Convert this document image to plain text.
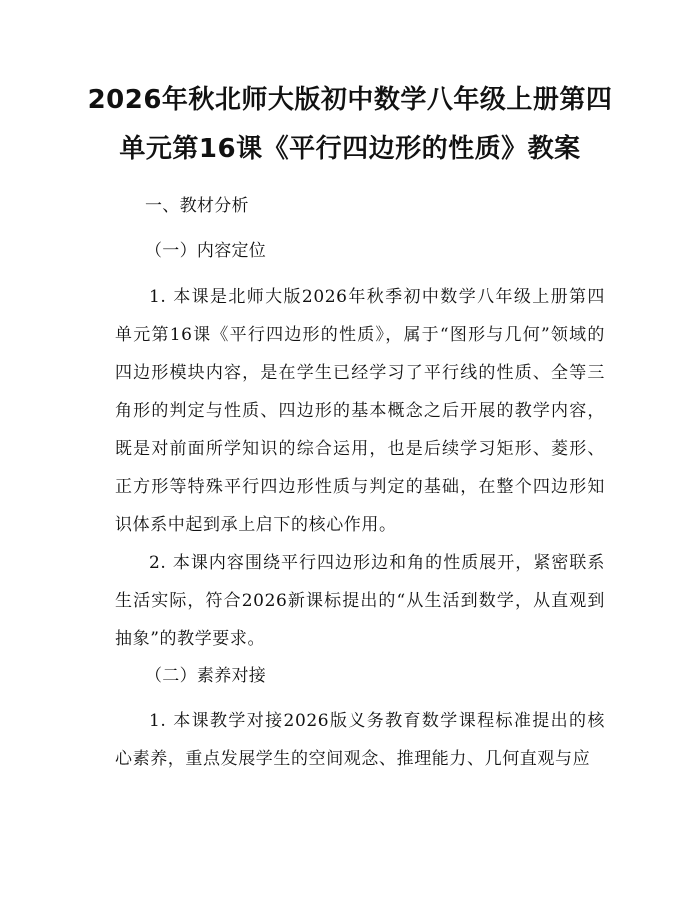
2026年秋北师大版初中数学八年级上册第四
单元第16课《平行四边形的性质》教案
一、教材分析
（一）内容定位
1. 本课是北师大版2026年秋季初中数学八年级上册第四单元第16课《平行四边形的性质》，属于“图形与几何”领域的四边形模块内容，是在学生已经学习了平行线的性质、全等三角形的判定与性质、四边形的基本概念之后开展的教学内容，既是对前面所学知识的综合运用，也是后续学习矩形、菱形、正方形等特殊平行四边形性质与判定的基础，在整个四边形知识体系中起到承上启下的核心作用。
2. 本课内容围绕平行四边形边和角的性质展开，紧密联系生活实际，符合2026新课标提出的“从生活到数学，从直观到抽象”的教学要求。
（二）素养对接
1. 本课教学对接2026版义务教育数学课程标准提出的核心素养，重点发展学生的空间观念、推理能力、几何直观与应
